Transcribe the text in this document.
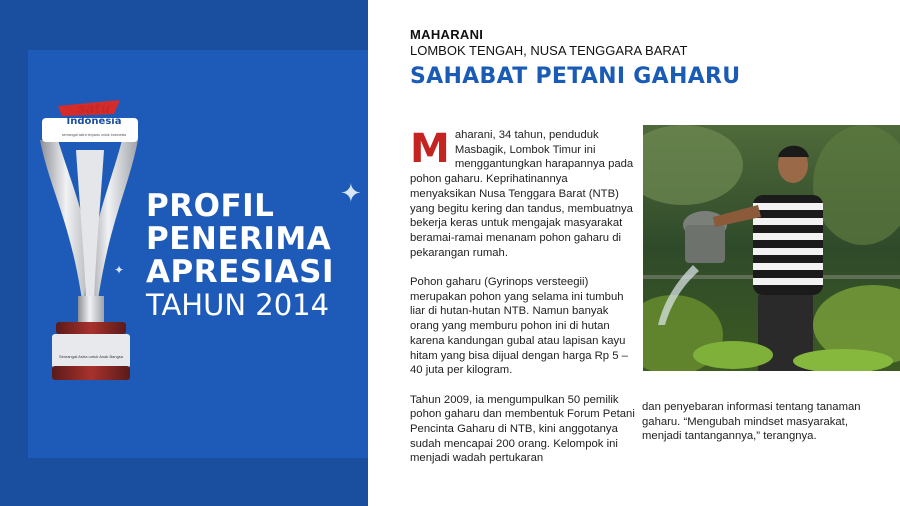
satu
Indonesia
semangat astra terpadu untuk Indonesia
Semangat Astra untuk Anak Bangsa
✦
✦
PROFIL
PENERIMA
APRESIASI
TAHUN 2014
MAHARANI
LOMBOK TENGAH, NUSA TENGGARA BARAT
SAHABAT PETANI GAHARU

Maharani, 34 tahun, penduduk Masbagik, Lombok Timur ini menggantungkan harapannya pada pohon gaharu. Keprihatinannya menyaksikan Nusa Tenggara Barat (NTB) yang begitu kering dan tandus, membuatnya bekerja keras untuk mengajak masyarakat beramai-ramai menanam pohon gaharu di pekarangan rumah.

Pohon gaharu (Gyrinops versteegii) merupakan pohon yang selama ini tumbuh liar di hutan-hutan NTB. Namun banyak orang yang memburu pohon ini di hutan karena kandungan gubal atau lapisan kayu hitam yang bisa dijual dengan harga Rp 5 – 40 juta per kilogram.

Tahun 2009, ia mengumpulkan 50 pemilik pohon gaharu dan membentuk Forum Petani Pencinta Gaharu di NTB, kini anggotanya sudah mencapai 200 orang. Kelompok ini menjadi wadah pertukaran

dan penyebaran informasi tentang tanaman gaharu. “Mengubah mindset masyarakat, menjadi tantangannya,” terangnya.
